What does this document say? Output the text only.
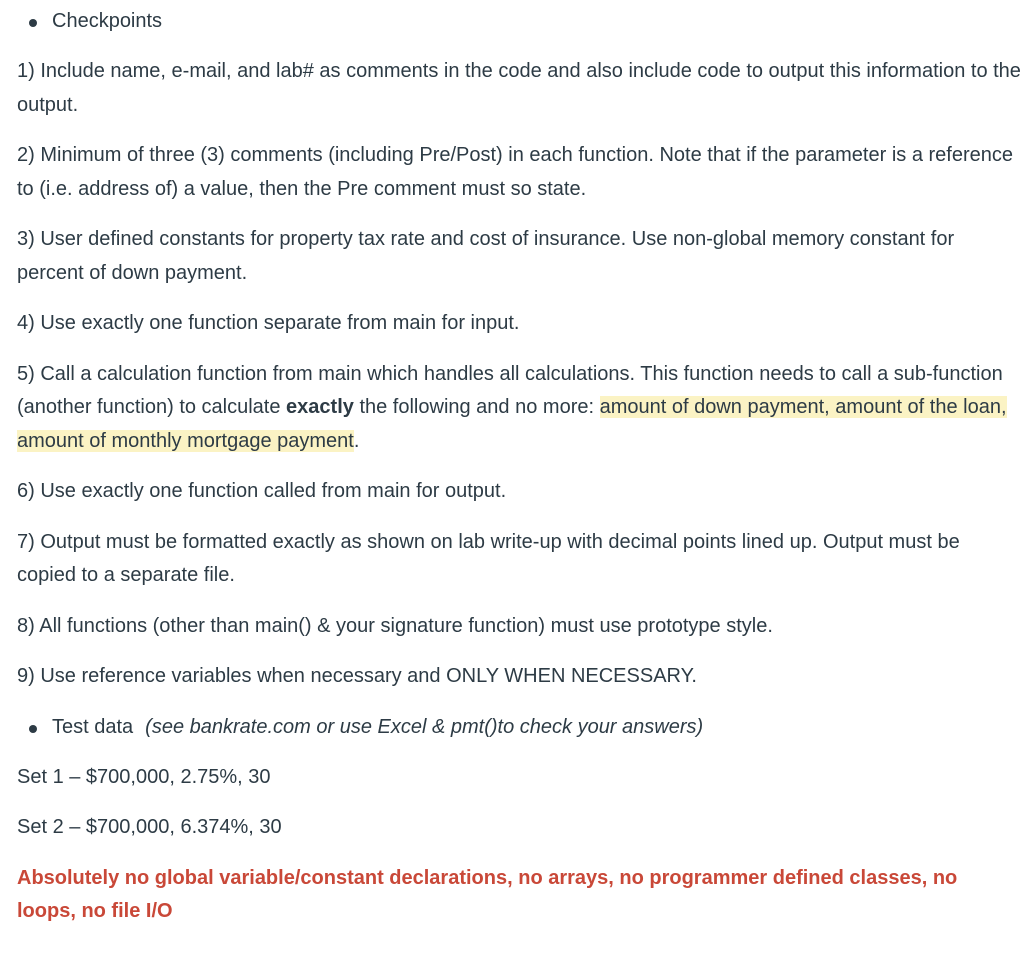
Checkpoints

1) Include name, e-mail, and lab# as comments in the code and also include code to output this information to the output.

2) Minimum of three (3) comments (including Pre/Post) in each function. Note that if the parameter is a reference to (i.e. address of) a value, then the Pre comment must so state.

3) User defined constants for property tax rate and cost of insurance. Use non-global memory constant for percent of down payment.

4) Use exactly one function separate from main for input.

5) Call a calculation function from main which handles all calculations. This function needs to call a sub-function (another function) to calculate exactly the following and no more: amount of down payment, amount of the loan, amount of monthly mortgage payment.

6) Use exactly one function called from main for output.

7) Output must be formatted exactly as shown on lab write-up with decimal points lined up. Output must be copied to a separate file.

8) All functions (other than main() & your signature function) must use prototype style.

9) Use reference variables when necessary and ONLY WHEN NECESSARY.

Test data (see bankrate.com or use Excel & pmt()to check your answers)

Set 1 – $700,000, 2.75%, 30

Set 2 – $700,000, 6.374%, 30

Absolutely no global variable/constant declarations, no arrays, no programmer defined classes, no loops, no file I/O
